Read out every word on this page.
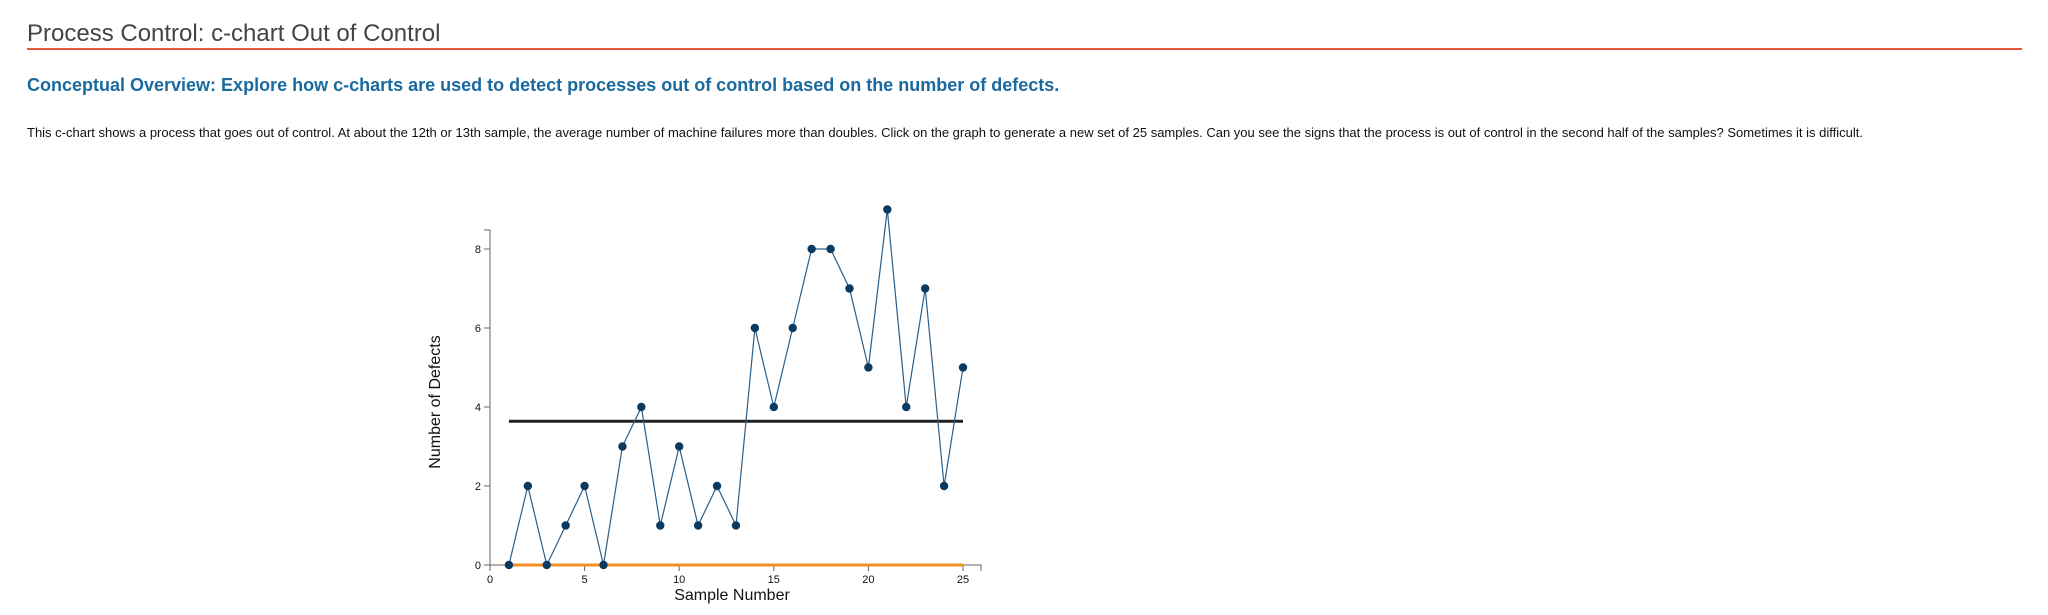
Process Control: c-chart Out of Control
Conceptual Overview: Explore how c-charts are used to detect processes out of control based on the number of defects.

This c-chart shows a process that goes out of control. At about the 12th or 13th sample, the average number of machine failures more than doubles. Click on the graph to generate a new set of 25 samples. Can you see the signs that the process is out of control in the second half of the samples? Sometimes it is difficult.

0
2
4
6
8
0	5	10	15	20	25
Sample Number
Number of Defects
